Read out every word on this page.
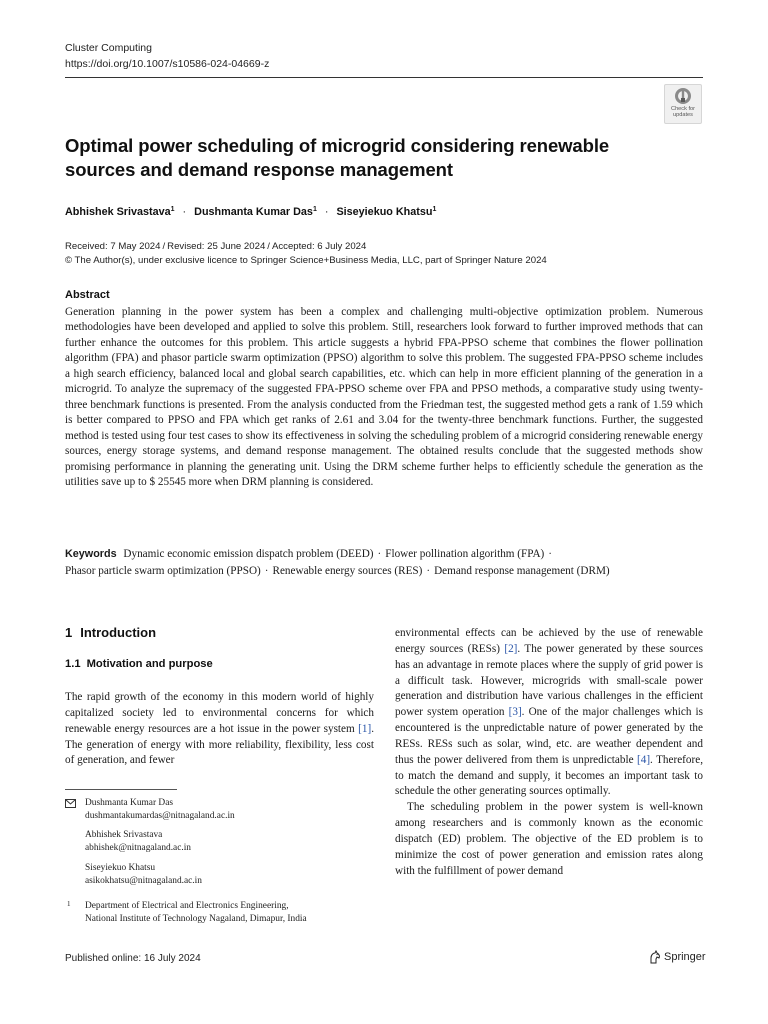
Cluster Computing
https://doi.org/10.1007/s10586-024-04669-z
Check for
updates
Optimal power scheduling of microgrid considering renewable sources and demand response management
Abhishek Srivastava$^1$ · Dushmanta Kumar Das$^1$ · Siseyiekuo Khatsu$^1$
Received: 7 May 2024 / Revised: 25 June 2024 / Accepted: 6 July 2024
© The Author(s), under exclusive licence to Springer Science+Business Media, LLC, part of Springer Nature 2024
Abstract

Generation planning in the power system has been a complex and challenging multi-objective optimization problem. Numerous methodologies have been developed and applied to solve this problem. Still, researchers look forward to further improved methods that can further enhance the outcomes for this problem. This article suggests a hybrid FPA-PPSO scheme that combines the flower pollination algorithm (FPA) and phasor particle swarm optimization (PPSO) algorithm to solve this problem. The suggested FPA-PPSO scheme includes a high search efficiency, balanced local and global search capabilities, etc. which can help in more efficient planning of the generation in a microgrid. To analyze the supremacy of the suggested FPA-PPSO scheme over FPA and PPSO methods, a comparative study using twenty-three benchmark functions is presented. From the analysis conducted from the Friedman test, the suggested method gets a rank of 1.59 which is better compared to PPSO and FPA which get ranks of 2.61 and 3.04 for the twenty-three benchmark functions. Further, the suggested method is tested using four test cases to show its effectiveness in solving the scheduling problem of a microgrid considering renewable energy sources, energy storage systems, and demand response management. The obtained results conclude that the suggested methods show promising performance in planning the generating unit. Using the DRM scheme further helps to efficiently schedule the generation as the utilities save up to $ 25545 more when DRM planning is considered.

Keywords Dynamic economic emission dispatch problem (DEED) · Flower pollination algorithm (FPA) ·
Phasor particle swarm optimization (PPSO) · Renewable energy sources (RES) · Demand response management (DRM)
1 Introduction
1.1 Motivation and purpose

The rapid growth of the economy in this modern world of highly capitalized society led to environmental concerns for which renewable energy resources are a hot issue in the power system [1]. The generation of energy with more reliability, flexibility, less cost of generation, and fewer

environmental effects can be achieved by the use of renewable energy sources (RESs) [2]. The power generated by these sources has an advantage in remote places where the supply of grid power is a difficult task. However, microgrids with small-scale power generation and distribution have various challenges in the efficient power system operation [3]. One of the major challenges which is encountered is the unpredictable nature of power generated by the RESs. RESs such as solar, wind, etc. are weather dependent and thus the power delivered from them is unpredictable [4]. Therefore, to match the demand and supply, it becomes an important task to schedule the other generating sources optimally.

The scheduling problem in the power system is well-known among researchers and is commonly known as the economic dispatch (ED) problem. The objective of the ED problem is to minimize the cost of power generation and emission rates along with the fulfillment of power demand

Dushmanta Kumar Das
dushmantakumardas@nitnagaland.ac.in
Abhishek Srivastava
abhishek@nitnagaland.ac.in
Siseyiekuo Khatsu
asikokhatsu@nitnagaland.ac.in
1 Department of Electrical and Electronics Engineering,
National Institute of Technology Nagaland, Dimapur, India
Published online: 16 July 2024	Springer
